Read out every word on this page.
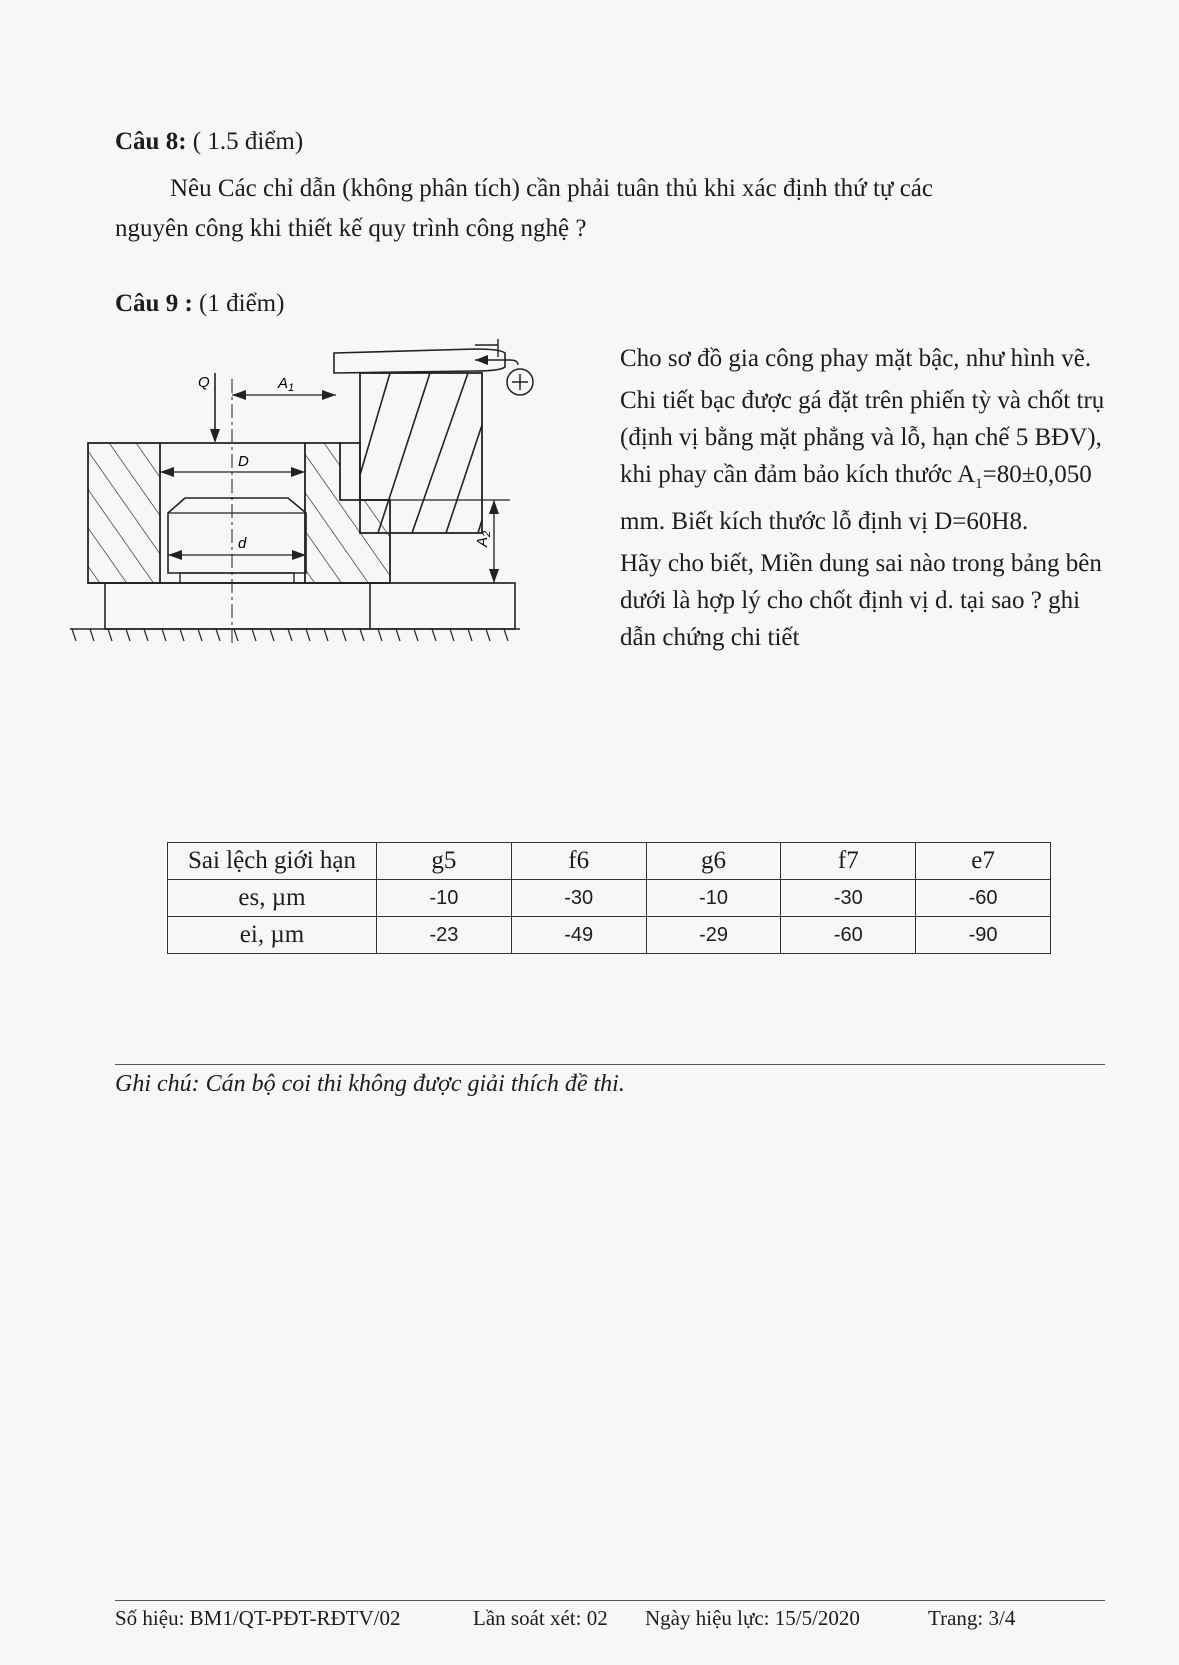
Câu 8: ( 1.5 điểm)
Nêu Các chỉ dẫn (không phân tích) cần phải tuân thủ khi xác định thứ tự các
nguyên công khi thiết kế quy trình công nghệ ?
Câu 9 : (1 điểm)
D
d
Q	$A_1$
$A_2$

Cho sơ đồ gia công phay mặt bậc, như hình vẽ.

Chi tiết bạc được gá đặt trên phiến tỳ và chốt trụ (định vị bằng mặt phẳng và lỗ, hạn chế 5 BĐV), khi phay cần đảm bảo kích thước $A_1=80\pm 0,050$ mm. Biết kích thước lỗ định vị D=60H8.

Hãy cho biết, Miền dung sai nào trong bảng bên dưới là hợp lý cho chốt định vị d. tại sao ? ghi dẫn chứng chi tiết

Sai lệch giới hạn	g5	f6	g6	f7	e7
es, µm	-10	-30	-10	-30	-60
ei, µm	-23	-49	-29	-60	-90
Ghi chú: Cán bộ coi thi không được giải thích đề thi.
Số hiệu: BM1/QT-PĐT-RĐTV/02	Lần soát xét: 02 Ngày hiệu lực: 15/5/2020	Trang: 3/4
